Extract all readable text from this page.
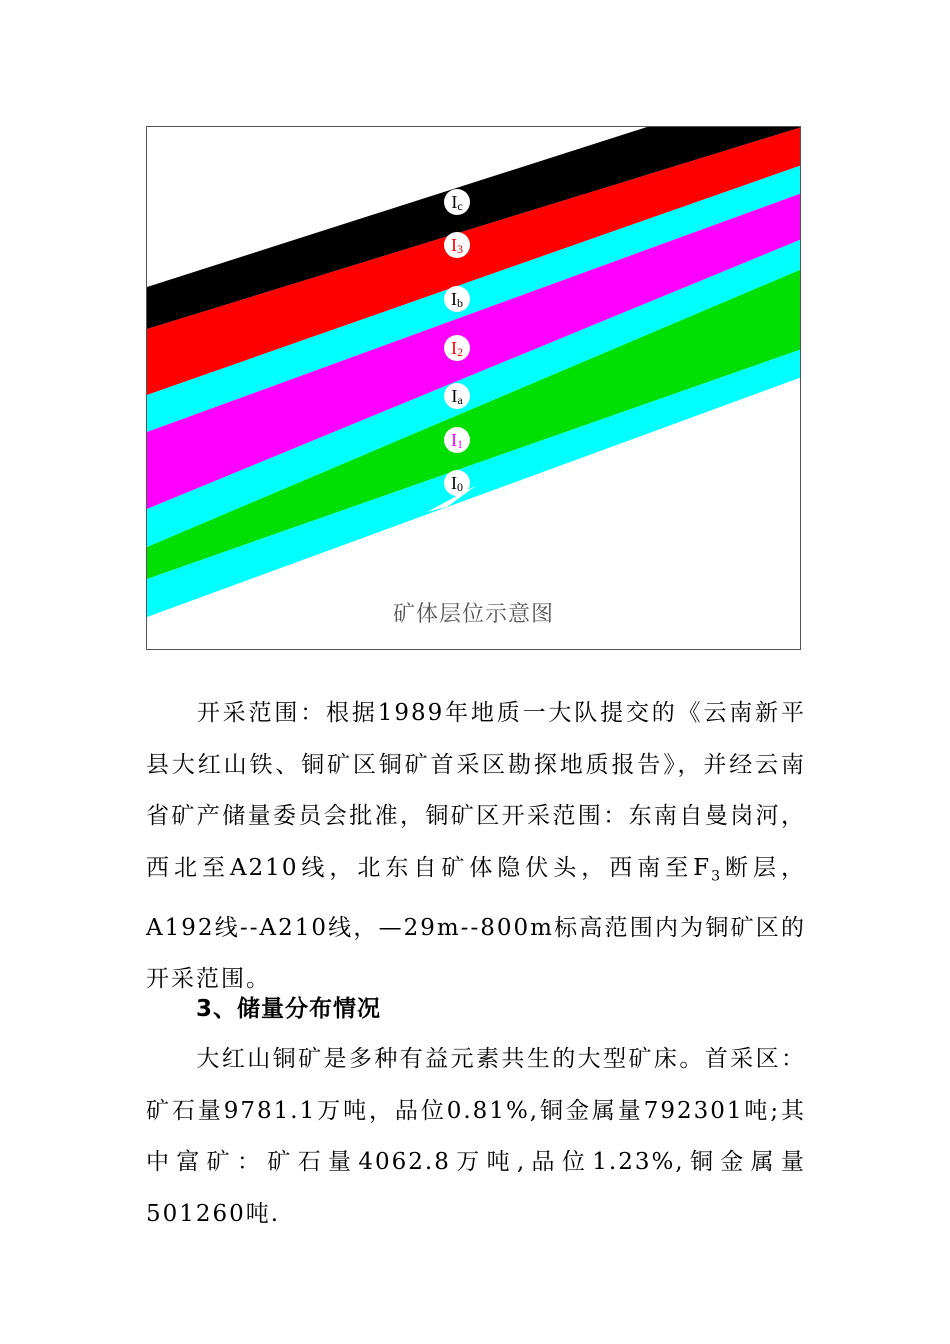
$I_c$
$I_3$
$I_b$
$I_2$
$I_a$
$I_1$
$I_0$
矿体层位示意图
开采范围：根据1989年地质一大队提交的《云南新平县大红山铁、铜矿区铜矿首采区勘探地质报告》，并经云南省矿产储量委员会批准，铜矿区开采范围：东南自曼岗河，西北至A210线，北东自矿体隐伏头，西南至$F_3$断层，A192线--A210线，—29m--800m标高范围内为铜矿区的开采范围。
3、储量分布情况
大红山铜矿是多种有益元素共生的大型矿床。首采区：矿石量9781.1万吨，品位0.81%,铜金属量792301吨;其中富矿：矿石量4062.8万吨,品位1.23%,铜金属量501260吨.
